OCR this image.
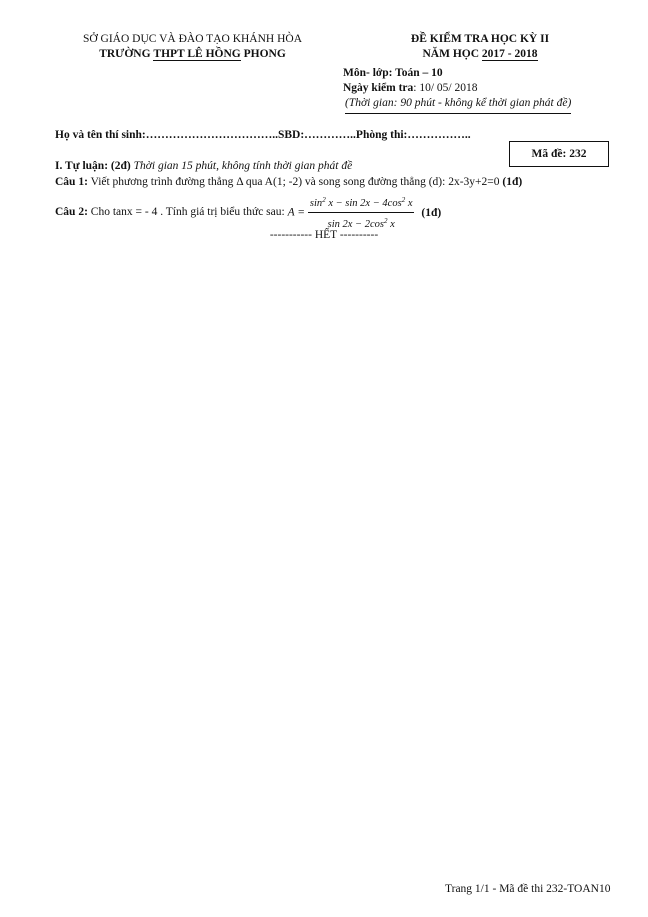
SỞ GIÁO DỤC VÀ ĐÀO TẠO KHÁNH HÒA
TRƯỜNG THPT LÊ HỒNG PHONG
ĐỀ KIỂM TRA HỌC KỲ II
NĂM HỌC 2017 - 2018
Môn- lớp: Toán – 10
Ngày kiểm tra: 10/ 05/ 2018
(Thời gian: 90 phút - không kể thời gian phát đề)
Họ và tên thí sinh:……………………………..SBD:…………..Phòng thi:……………..
Mã đề: 232
I. Tự luận: (2đ) Thời gian 15 phút, không tính thời gian phát đề
Câu 1: Viết phương trình đường thẳng Δ qua A(1; -2) và song song đường thẳng (d): 2x-3y+2=0 (1đ)
Câu 2: Cho tanx = - 4 . Tính giá trị biểu thức sau: $A = \frac{\sin^2 x - \sin 2x - 4\cos^2 x}{\sin 2x - 2\cos^2 x}$ (1đ)
----------- HẾT ----------
Trang 1/1 - Mã đề thi 232-TOAN10
